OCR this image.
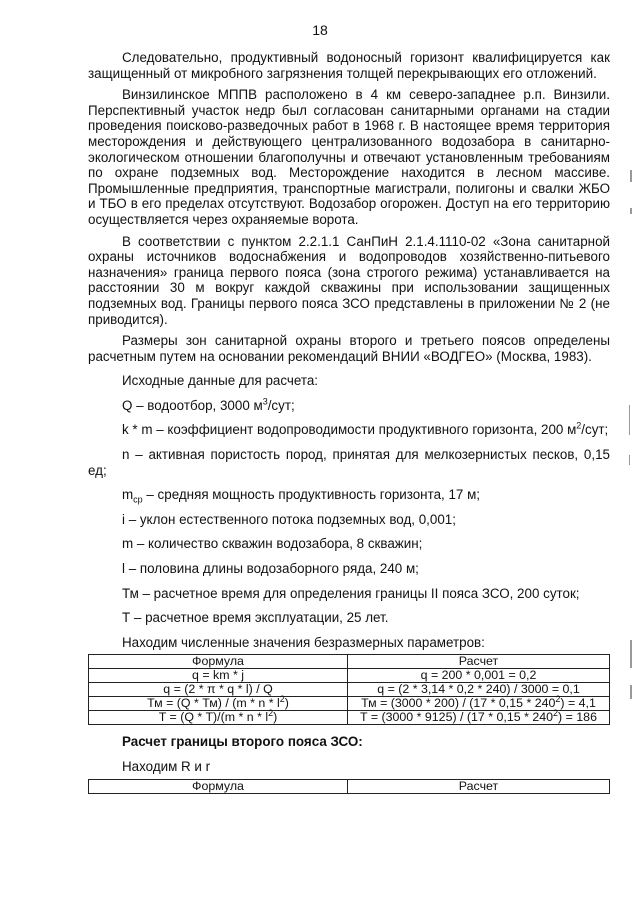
18

Следовательно, продуктивный водоносный горизонт квалифицируется как защищенный от микробного загрязнения толщей перекрывающих его отложений.

Винзилинское МППВ расположено в 4 км северо-западнее р.п. Винзили. Перспективный участок недр был согласован санитарными органами на стадии проведения поисково-разведочных работ в 1968 г. В настоящее время территория месторождения и действующего централизованного водозабора в санитарно-экологическом отношении благополучны и отвечают установленным требованиям по охране подземных вод. Месторождение находится в лесном массиве. Промышленные предприятия, транспортные магистрали, полигоны и свалки ЖБО и ТБО в его пределах отсутствуют. Водозабор огорожен. Доступ на его территорию осуществляется через охраняемые ворота.

В соответствии с пунктом 2.2.1.1 СанПиН 2.1.4.1110-02 «Зона санитарной охраны источников водоснабжения и водопроводов хозяйственно-питьевого назначения» граница первого пояса (зона строгого режима) устанавливается на расстоянии 30 м вокруг каждой скважины при использовании защищенных подземных вод. Границы первого пояса ЗСО представлены в приложении № 2 (не приводится).

Размеры зон санитарной охраны второго и третьего поясов определены расчетным путем на основании рекомендаций ВНИИ «ВОДГЕО» (Москва, 1983).

Исходные данные для расчета:

Q – водоотбор, 3000 $м^3$/сут;

k * m – коэффициент водопроводимости продуктивного горизонта, 200 $м^2$/сут;

n – активная пористость пород, принятая для мелкозернистых песков, 0,15 ед;

$m_{ср}$ – средняя мощность продуктивность горизонта, 17 м;

i – уклон естественного потока подземных вод, 0,001;

m – количество скважин водозабора, 8 скважин;

l – половина длины водозаборного ряда, 240 м;

Тм – расчетное время для определения границы II пояса ЗСО, 200 суток;

Т – расчетное время эксплуатации, 25 лет.

Находим численные значения безразмерных параметров:

Формула	Расчет
q = km * j	q = 200 * 0,001 = 0,2
q = (2 * π * q * l) / Q	q = (2 * 3,14 * 0,2 * 240) / 3000 = 0,1
Тм = (Q * Тм) / (m * n * $l^2$)	Тм = $(3000 * 200) / (17 * 0,15 * 240^2) = 4,1$
$T = (Q * T)/(m * n * l^2)$	$T = (3000 * 9125) / (17 * 0,15 * 240^2) = 186$

Расчет границы второго пояса ЗСО:

Находим R и r

Формула	Расчет
